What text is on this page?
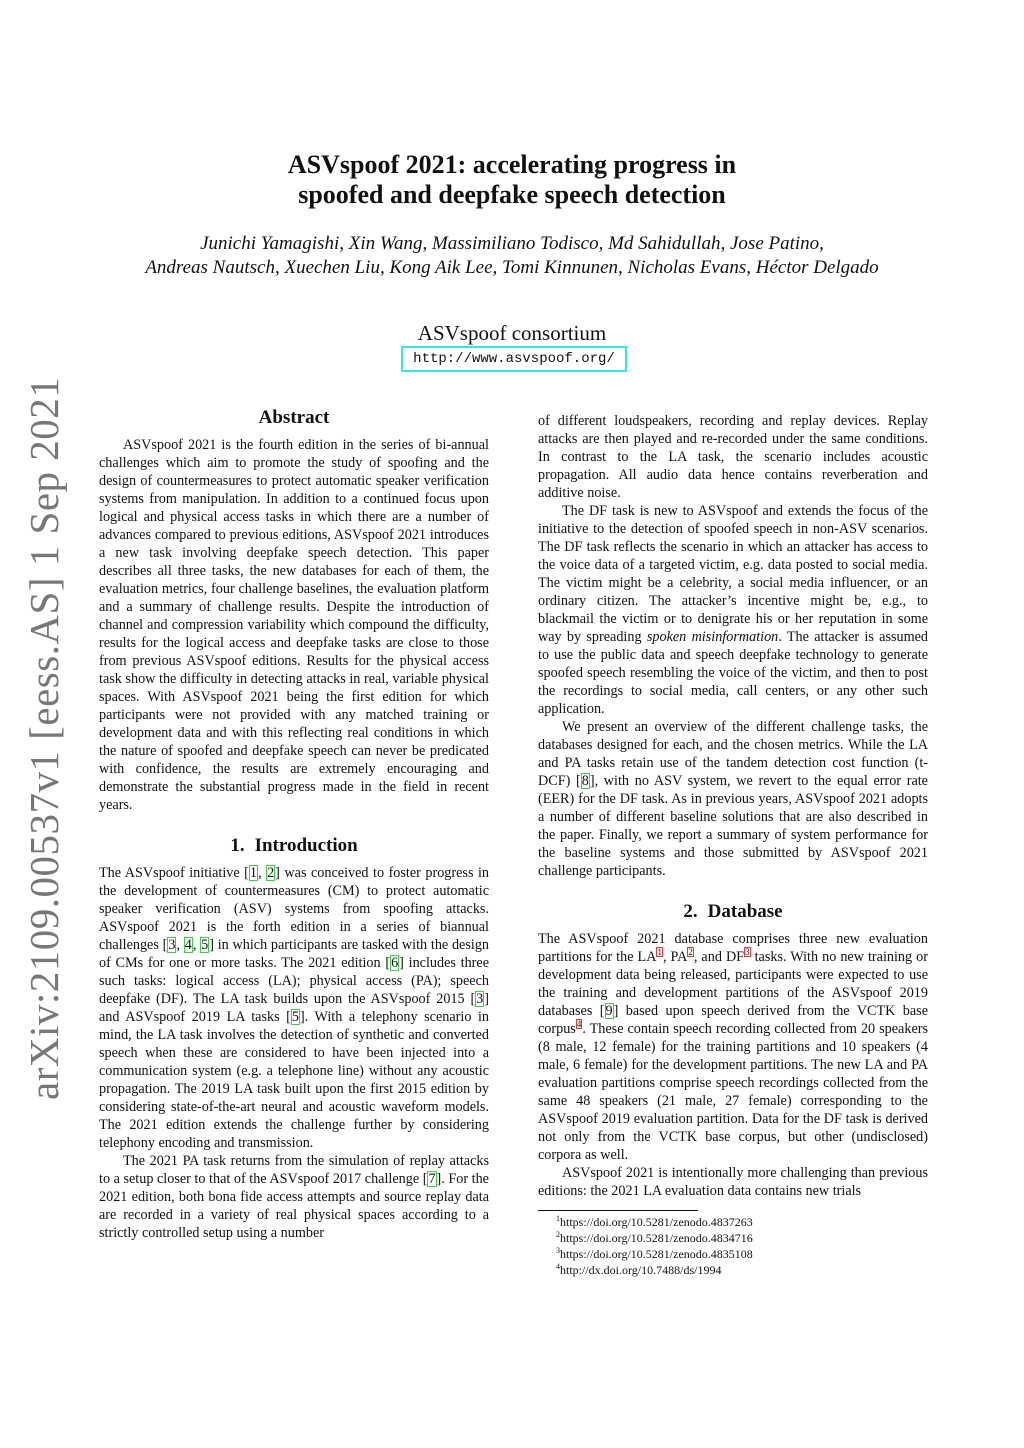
arXiv:2109.00537v1 [eess.AS] 1 Sep 2021
ASVspoof 2021: accelerating progress in
spoofed and deepfake speech detection
Junichi Yamagishi, Xin Wang, Massimiliano Todisco, Md Sahidullah, Jose Patino,
Andreas Nautsch, Xuechen Liu, Kong Aik Lee, Tomi Kinnunen, Nicholas Evans, Héctor Delgado
ASVspoof consortium
http://www.asvspoof.org/
Abstract

ASVspoof 2021 is the fourth edition in the series of bi-annual challenges which aim to promote the study of spoofing and the design of countermeasures to protect automatic speaker verification systems from manipulation. In addition to a continued focus upon logical and physical access tasks in which there are a number of advances compared to previous editions, ASVspoof 2021 introduces a new task involving deepfake speech detection. This paper describes all three tasks, the new databases for each of them, the evaluation metrics, four challenge baselines, the evaluation platform and a summary of challenge results. Despite the introduction of channel and compression variability which compound the difficulty, results for the logical access and deepfake tasks are close to those from previous ASVspoof editions. Results for the physical access task show the difficulty in detecting attacks in real, variable physical spaces. With ASVspoof 2021 being the first edition for which participants were not provided with any matched training or development data and with this reflecting real conditions in which the nature of spoofed and deepfake speech can never be predicated with confidence, the results are extremely encouraging and demonstrate the substantial progress made in the field in recent years.

1. Introduction

The ASVspoof initiative [1, 2] was conceived to foster progress in the development of countermeasures (CM) to protect automatic speaker verification (ASV) systems from spoofing attacks. ASVspoof 2021 is the forth edition in a series of biannual challenges [3, 4, 5] in which participants are tasked with the design of CMs for one or more tasks. The 2021 edition [6] includes three such tasks: logical access (LA); physical access (PA); speech deepfake (DF). The LA task builds upon the ASVspoof 2015 [3] and ASVspoof 2019 LA tasks [5]. With a telephony scenario in mind, the LA task involves the detection of synthetic and converted speech when these are considered to have been injected into a communication system (e.g. a telephone line) without any acoustic propagation. The 2019 LA task built upon the first 2015 edition by considering state-of-the-art neural and acoustic waveform models. The 2021 edition extends the challenge further by considering telephony encoding and transmission.

The 2021 PA task returns from the simulation of replay attacks to a setup closer to that of the ASVspoof 2017 challenge [7]. For the 2021 edition, both bona fide access attempts and source replay data are recorded in a variety of real physical spaces according to a strictly controlled setup using a number

of different loudspeakers, recording and replay devices. Replay attacks are then played and re-recorded under the same conditions. In contrast to the LA task, the scenario includes acoustic propagation. All audio data hence contains reverberation and additive noise.

The DF task is new to ASVspoof and extends the focus of the initiative to the detection of spoofed speech in non-ASV scenarios. The DF task reflects the scenario in which an attacker has access to the voice data of a targeted victim, e.g. data posted to social media. The victim might be a celebrity, a social media influencer, or an ordinary citizen. The attacker’s incentive might be, e.g., to blackmail the victim or to denigrate his or her reputation in some way by spreading spoken misinformation. The attacker is assumed to use the public data and speech deepfake technology to generate spoofed speech resembling the voice of the victim, and then to post the recordings to social media, call centers, or any other such application.

We present an overview of the different challenge tasks, the databases designed for each, and the chosen metrics. While the LA and PA tasks retain use of the tandem detection cost function (t-DCF) [8], with no ASV system, we revert to the equal error rate (EER) for the DF task. As in previous years, ASVspoof 2021 adopts a number of different baseline solutions that are also described in the paper. Finally, we report a summary of system performance for the baseline systems and those submitted by ASVspoof 2021 challenge participants.

2. Database

The ASVspoof 2021 database comprises three new evaluation partitions for the LA$^1$, PA$^2$, and DF$^3$ tasks. With no new training or development data being released, participants were expected to use the training and development partitions of the ASVspoof 2019 databases [9] based upon speech derived from the VCTK base corpus$^4$. These contain speech recording collected from 20 speakers (8 male, 12 female) for the training partitions and 10 speakers (4 male, 6 female) for the development partitions. The new LA and PA evaluation partitions comprise speech recordings collected from the same 48 speakers (21 male, 27 female) corresponding to the ASVspoof 2019 evaluation partition. Data for the DF task is derived not only from the VCTK base corpus, but other (undisclosed) corpora as well.

ASVspoof 2021 is intentionally more challenging than previous editions: the 2021 LA evaluation data contains new trials

$^1$https://doi.org/10.5281/zenodo.4837263
$^2$https://doi.org/10.5281/zenodo.4834716
$^3$https://doi.org/10.5281/zenodo.4835108
$^4$http://dx.doi.org/10.7488/ds/1994
